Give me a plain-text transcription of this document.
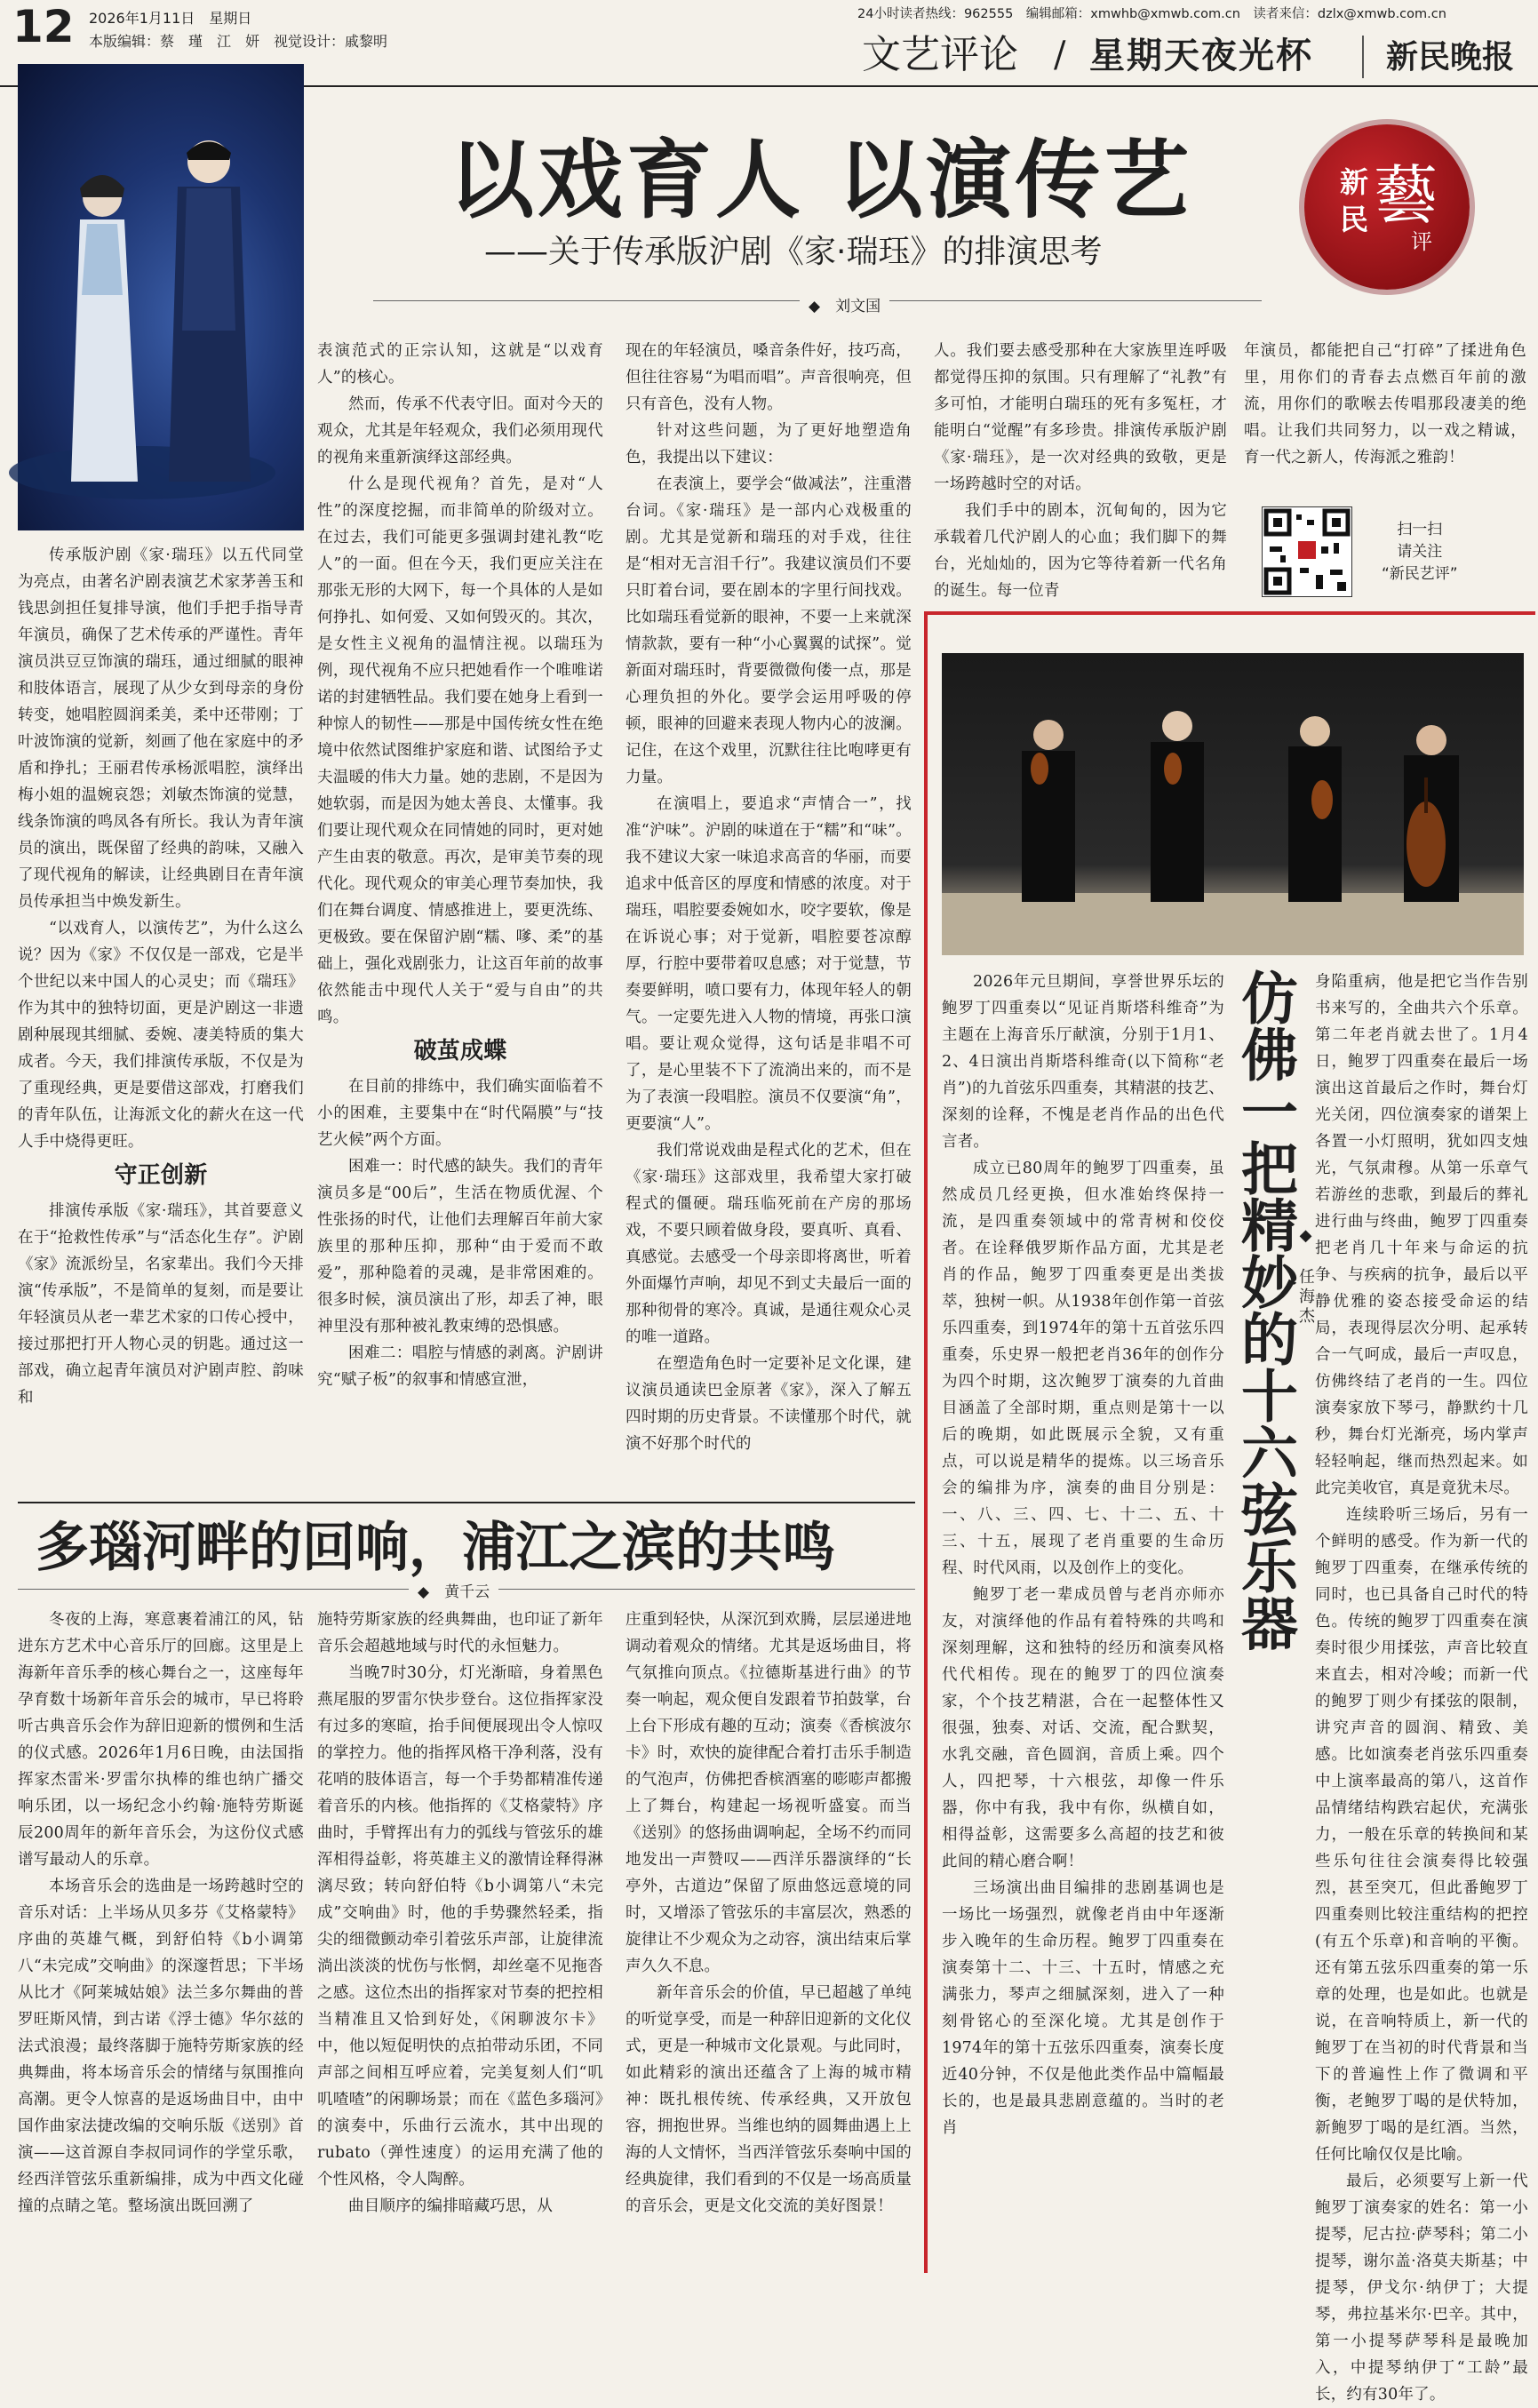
12 2026年1月11日　星期日
本版编辑：蔡　瑾　江　妍　视觉设计：戚黎明
24小时读者热线：962555　编辑邮箱：xmwhb@xmwb.com.cn　读者来信：dzlx@xmwb.com.cn
文艺评论 / 星期天夜光杯 新民晚报
以戏育人 以演传艺
——关于传承版沪剧《家·瑞珏》的排演思考
◆　刘文国
新
民 藝
评

传承版沪剧《家·瑞珏》以五代同堂为亮点，由著名沪剧表演艺术家茅善玉和钱思剑担任复排导演，他们手把手指导青年演员，确保了艺术传承的严谨性。青年演员洪豆豆饰演的瑞珏，通过细腻的眼神和肢体语言，展现了从少女到母亲的身份转变，她唱腔圆润柔美，柔中还带刚；丁叶波饰演的觉新，刻画了他在家庭中的矛盾和挣扎；王丽君传承杨派唱腔，演绎出梅小姐的温婉哀怨；刘敏杰饰演的觉慧，线条饰演的鸣凤各有所长。我认为青年演员的演出，既保留了经典的韵味，又融入了现代视角的解读，让经典剧目在青年演员传承担当中焕发新生。

“以戏育人，以演传艺”，为什么这么说？因为《家》不仅仅是一部戏，它是半个世纪以来中国人的心灵史；而《瑞珏》作为其中的独特切面，更是沪剧这一非遗剧种展现其细腻、委婉、凄美特质的集大成者。今天，我们排演传承版，不仅是为了重现经典，更是要借这部戏，打磨我们的青年队伍，让海派文化的薪火在这一代人手中烧得更旺。

守正创新

排演传承版《家·瑞珏》，其首要意义在于“抢救性传承”与“活态化生存”。沪剧《家》流派纷呈，名家辈出。我们今天排演“传承版”，不是简单的复刻，而是要让年轻演员从老一辈艺术家的口传心授中，接过那把打开人物心灵的钥匙。通过这一部戏，确立起青年演员对沪剧声腔、韵味和

表演范式的正宗认知，这就是“以戏育人”的核心。

然而，传承不代表守旧。面对今天的观众，尤其是年轻观众，我们必须用现代的视角来重新演绎这部经典。

什么是现代视角？首先，是对“人性”的深度挖掘，而非简单的阶级对立。在过去，我们可能更多强调封建礼教“吃人”的一面。但在今天，我们更应关注在那张无形的大网下，每一个具体的人是如何挣扎、如何爱、又如何毁灭的。其次，是女性主义视角的温情注视。以瑞珏为例，现代视角不应只把她看作一个唯唯诺诺的封建牺牲品。我们要在她身上看到一种惊人的韧性——那是中国传统女性在绝境中依然试图维护家庭和谐、试图给予丈夫温暖的伟大力量。她的悲剧，不是因为她软弱，而是因为她太善良、太懂事。我们要让现代观众在同情她的同时，更对她产生由衷的敬意。再次，是审美节奏的现代化。现代观众的审美心理节奏加快，我们在舞台调度、情感推进上，要更洗练、更极致。要在保留沪剧“糯、嗲、柔”的基础上，强化戏剧张力，让这百年前的故事依然能击中现代人关于“爱与自由”的共鸣。

破茧成蝶

在目前的排练中，我们确实面临着不小的困难，主要集中在“时代隔膜”与“技艺火候”两个方面。

困难一：时代感的缺失。我们的青年演员多是“00后”，生活在物质优渥、个性张扬的时代，让他们去理解百年前大家族里的那种压抑，那种“由于爱而不敢爱”，那种隐着的灵魂，是非常困难的。很多时候，演员演出了形，却丢了神，眼神里没有那种被礼教束缚的恐惧感。

困难二：唱腔与情感的剥离。沪剧讲究“赋子板”的叙事和情感宣泄，

现在的年轻演员，嗓音条件好，技巧高，但往往容易“为唱而唱”。声音很响亮，但只有音色，没有人物。

针对这些问题，为了更好地塑造角色，我提出以下建议：

在表演上，要学会“做减法”，注重潜台词。《家·瑞珏》是一部内心戏极重的剧。尤其是觉新和瑞珏的对手戏，往往是“相对无言泪千行”。我建议演员们不要只盯着台词，要在剧本的字里行间找戏。比如瑞珏看觉新的眼神，不要一上来就深情款款，要有一种“小心翼翼的试探”。觉新面对瑞珏时，背要微微佝偻一点，那是心理负担的外化。要学会运用呼吸的停顿，眼神的回避来表现人物内心的波澜。记住，在这个戏里，沉默往往比咆哮更有力量。

在演唱上，要追求“声情合一”，找准“沪味”。沪剧的味道在于“糯”和“味”。我不建议大家一味追求高音的华丽，而要追求中低音区的厚度和情感的浓度。对于瑞珏，唱腔要委婉如水，咬字要软，像是在诉说心事；对于觉新，唱腔要苍凉醇厚，行腔中要带着叹息感；对于觉慧，节奏要鲜明，喷口要有力，体现年轻人的朝气。一定要先进入人物的情境，再张口演唱。要让观众觉得，这句话是非唱不可了，是心里装不下了流淌出来的，而不是为了表演一段唱腔。演员不仅要演“角”，更要演“人”。

我们常说戏曲是程式化的艺术，但在《家·瑞珏》这部戏里，我希望大家打破程式的僵硬。瑞珏临死前在产房的那场戏，不要只顾着做身段，要真听、真看、真感觉。去感受一个母亲即将离世，听着外面爆竹声响，却见不到丈夫最后一面的那种彻骨的寒冷。真诚，是通往观众心灵的唯一道路。

在塑造角色时一定要补足文化课，建议演员通读巴金原著《家》，深入了解五四时期的历史背景。不读懂那个时代，就演不好那个时代的

人。我们要去感受那种在大家族里连呼吸都觉得压抑的氛围。只有理解了“礼教”有多可怕，才能明白瑞珏的死有多冤枉，才能明白“觉醒”有多珍贵。排演传承版沪剧《家·瑞珏》，是一次对经典的致敬，更是一场跨越时空的对话。

我们手中的剧本，沉甸甸的，因为它承载着几代沪剧人的心血；我们脚下的舞台，光灿灿的，因为它等待着新一代名角的诞生。每一位青

年演员，都能把自己“打碎”了揉进角色里，用你们的青春去点燃百年前的激流，用你们的歌喉去传唱那段凄美的绝唱。让我们共同努力，以一戏之精诚，育一代之新人，传海派之雅韵！

扫一扫
请关注
“新民艺评”

2026年元旦期间，享誉世界乐坛的鲍罗丁四重奏以“见证肖斯塔科维奇”为主题在上海音乐厅献演，分别于1月1、2、4日演出肖斯塔科维奇(以下简称“老肖”)的九首弦乐四重奏，其精湛的技艺、深刻的诠释，不愧是老肖作品的出色代言者。

成立已80周年的鲍罗丁四重奏，虽然成员几经更换，但水准始终保持一流，是四重奏领域中的常青树和佼佼者。在诠释俄罗斯作品方面，尤其是老肖的作品，鲍罗丁四重奏更是出类拔萃，独树一帜。从1938年创作第一首弦乐四重奏，到1974年的第十五首弦乐四重奏，乐史界一般把老肖36年的创作分为四个时期，这次鲍罗丁演奏的九首曲目涵盖了全部时期，重点则是第十一以后的晚期，如此既展示全貌，又有重点，可以说是精华的提炼。以三场音乐会的编排为序，演奏的曲目分别是：一、八、三、四、七、十二、五、十三、十五，展现了老肖重要的生命历程、时代风雨，以及创作上的变化。

鲍罗丁老一辈成员曾与老肖亦师亦友，对演绎他的作品有着特殊的共鸣和深刻理解，这和独特的经历和演奏风格代代相传。现在的鲍罗丁的四位演奏家，个个技艺精湛，合在一起整体性又很强，独奏、对话、交流，配合默契，水乳交融，音色圆润，音质上乘。四个人，四把琴，十六根弦，却像一件乐器，你中有我，我中有你，纵横自如，相得益彰，这需要多么高超的技艺和彼此间的精心磨合啊！

三场演出曲目编排的悲剧基调也是一场比一场强烈，就像老肖由中年逐渐步入晚年的生命历程。鲍罗丁四重奏在演奏第十二、十三、十五时，情感之充满张力，琴声之细腻深刻，进入了一种刻骨铭心的至深化境。尤其是创作于1974年的第十五弦乐四重奏，演奏长度近40分钟，不仅是他此类作品中篇幅最长的，也是最具悲剧意蕴的。当时的老肖

仿佛一把精妙的十六弦乐器 ◆　任海杰

身陷重病，他是把它当作告别书来写的，全曲共六个乐章。第二年老肖就去世了。1月4日，鲍罗丁四重奏在最后一场演出这首最后之作时，舞台灯光关闭，四位演奏家的谱架上各置一小灯照明，犹如四支烛光，气氛肃穆。从第一乐章气若游丝的悲歌，到最后的葬礼进行曲与终曲，鲍罗丁四重奏把老肖几十年来与命运的抗争、与疾病的抗争，最后以平静优雅的姿态接受命运的结局，表现得层次分明、起承转合一气呵成，最后一声叹息，仿佛终结了老肖的一生。四位演奏家放下琴弓，静默约十几秒，舞台灯光渐亮，场内掌声轻轻响起，继而热烈起来。如此完美收官，真是竟犹未尽。

连续聆听三场后，另有一个鲜明的感受。作为新一代的鲍罗丁四重奏，在继承传统的同时，也已具备自己时代的特色。传统的鲍罗丁四重奏在演奏时很少用揉弦，声音比较直来直去，相对冷峻；而新一代的鲍罗丁则少有揉弦的限制，讲究声音的圆润、精致、美感。比如演奏老肖弦乐四重奏中上演率最高的第八，这首作品情绪结构跌宕起伏，充满张力，一般在乐章的转换间和某些乐句往往会演奏得比较强烈，甚至突兀，但此番鲍罗丁四重奏则比较注重结构的把控(有五个乐章)和音响的平衡。还有第五弦乐四重奏的第一乐章的处理，也是如此。也就是说，在音响特质上，新一代的鲍罗丁在当初的时代背景和当下的普遍性上作了微调和平衡，老鲍罗丁喝的是伏特加，新鲍罗丁喝的是红酒。当然，任何比喻仅仅是比喻。

最后，必须要写上新一代鲍罗丁演奏家的姓名：第一小提琴，尼古拉·萨琴科；第二小提琴，谢尔盖·洛莫夫斯基；中提琴，伊戈尔·纳伊丁；大提琴，弗拉基米尔·巴辛。其中，第一小提琴萨琴科是最晚加入，中提琴纳伊丁“工龄”最长，约有30年了。

多瑙河畔的回响，浦江之滨的共鸣
◆　黄千云

冬夜的上海，寒意裹着浦江的风，钻进东方艺术中心音乐厅的回廊。这里是上海新年音乐季的核心舞台之一，这座每年孕育数十场新年音乐会的城市，早已将聆听古典音乐会作为辞旧迎新的惯例和生活的仪式感。2026年1月6日晚，由法国指挥家杰雷米·罗雷尔执棒的维也纳广播交响乐团，以一场纪念小约翰·施特劳斯诞辰200周年的新年音乐会，为这份仪式感谱写最动人的乐章。

本场音乐会的选曲是一场跨越时空的音乐对话：上半场从贝多芬《艾格蒙特》序曲的英雄气概，到舒伯特《b小调第八“未完成”交响曲》的深邃哲思；下半场从比才《阿莱城姑娘》法兰多尔舞曲的普罗旺斯风情，到古诺《浮士德》华尔兹的法式浪漫；最终落脚于施特劳斯家族的经典舞曲，将本场音乐会的情绪与氛围推向高潮。更令人惊喜的是返场曲目中，由中国作曲家法捷改编的交响乐版《送别》首演——这首源自李叔同词作的学堂乐歌，经西洋管弦乐重新编排，成为中西文化碰撞的点睛之笔。整场演出既回溯了

施特劳斯家族的经典舞曲，也印证了新年音乐会超越地域与时代的永恒魅力。

当晚7时30分，灯光渐暗，身着黑色燕尾服的罗雷尔快步登台。这位指挥家没有过多的寒暄，抬手间便展现出令人惊叹的掌控力。他的指挥风格干净利落，没有花哨的肢体语言，每一个手势都精准传递着音乐的内核。他指挥的《艾格蒙特》序曲时，手臂挥出有力的弧线与管弦乐的雄浑相得益彰，将英雄主义的激情诠释得淋漓尽致；转向舒伯特《b小调第八“未完成”交响曲》时，他的手势骤然轻柔，指尖的细微颤动牵引着弦乐声部，让旋律流淌出淡淡的忧伤与怅惘，却丝毫不见拖沓之感。这位杰出的指挥家对节奏的把控相当精准且又恰到好处，《闲聊波尔卡》中，他以短促明快的点拍带动乐团，不同声部之间相互呼应着，完美复刻人们“叽叽喳喳”的闲聊场景；而在《蓝色多瑙河》的演奏中，乐曲行云流水，其中出现的rubato（弹性速度）的运用充满了他的个性风格，令人陶醉。

曲目顺序的编排暗藏巧思，从

庄重到轻快，从深沉到欢腾，层层递进地调动着观众的情绪。尤其是返场曲目，将气氛推向顶点。《拉德斯基进行曲》的节奏一响起，观众便自发跟着节拍鼓掌，台上台下形成有趣的互动；演奏《香槟波尔卡》时，欢快的旋律配合着打击乐手制造的气泡声，仿佛把香槟酒塞的嘭嘭声都搬上了舞台，构建起一场视听盛宴。而当《送别》的悠扬曲调响起，全场不约而同地发出一声赞叹——西洋乐器演绎的“长亭外，古道边”保留了原曲悠远意境的同时，又增添了管弦乐的丰富层次，熟悉的旋律让不少观众为之动容，演出结束后掌声久久不息。

新年音乐会的价值，早已超越了单纯的听觉享受，而是一种辞旧迎新的文化仪式，更是一种城市文化景观。与此同时，如此精彩的演出还蕴含了上海的城市精神：既扎根传统、传承经典，又开放包容，拥抱世界。当维也纳的圆舞曲遇上上海的人文情怀，当西洋管弦乐奏响中国的经典旋律，我们看到的不仅是一场高质量的音乐会，更是文化交流的美好图景！
